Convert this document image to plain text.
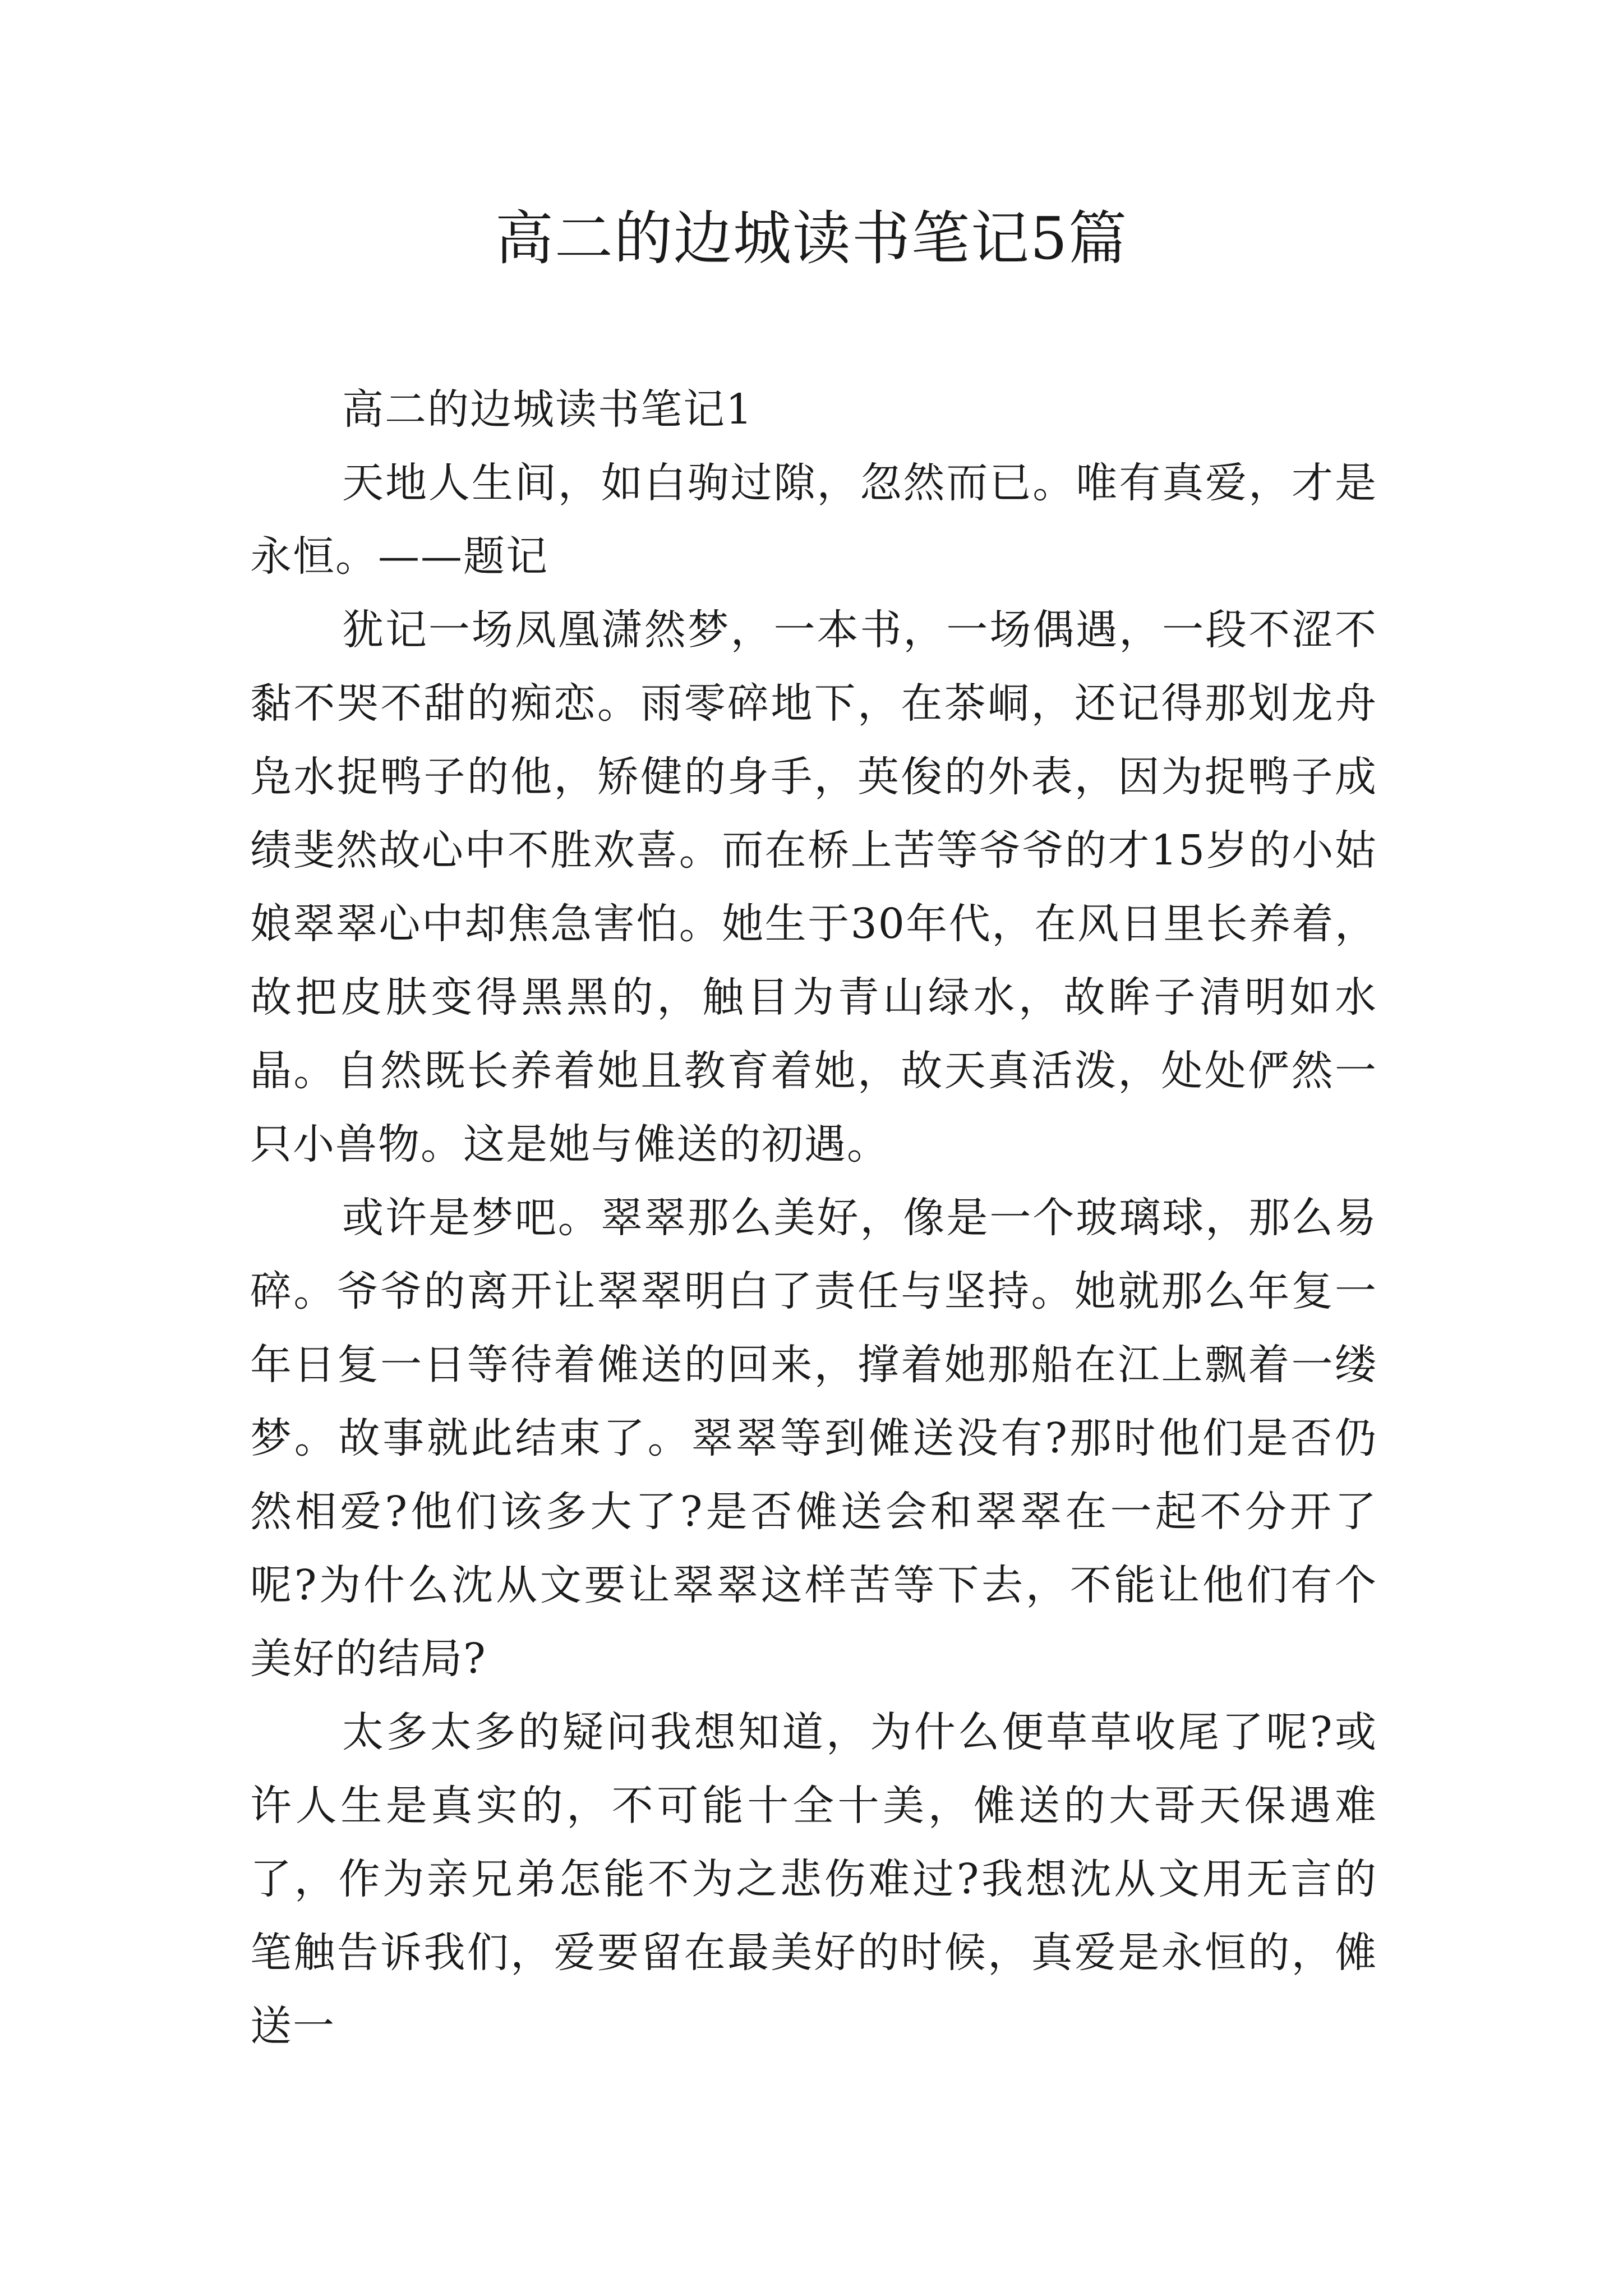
高二的边城读书笔记5篇

高二的边城读书笔记1

天地人生间，如白驹过隙，忽然而已。唯有真爱，才是永恒。——题记

犹记一场凤凰潇然梦，一本书，一场偶遇，一段不涩不黏不哭不甜的痴恋。雨零碎地下，在茶峒，还记得那划龙舟凫水捉鸭子的他，矫健的身手，英俊的外表，因为捉鸭子成绩斐然故心中不胜欢喜。而在桥上苦等爷爷的才15岁的小姑娘翠翠心中却焦急害怕。她生于30年代，在风日里长养着，故把皮肤变得黑黑的，触目为青山绿水，故眸子清明如水晶。自然既长养着她且教育着她，故天真活泼，处处俨然一只小兽物。这是她与傩送的初遇。

或许是梦吧。翠翠那么美好，像是一个玻璃球，那么易碎。爷爷的离开让翠翠明白了责任与坚持。她就那么年复一年日复一日等待着傩送的回来，撑着她那船在江上飘着一缕梦。故事就此结束了。翠翠等到傩送没有?那时他们是否仍然相爱?他们该多大了?是否傩送会和翠翠在一起不分开了呢?为什么沈从文要让翠翠这样苦等下去，不能让他们有个美好的结局?

太多太多的疑问我想知道，为什么便草草收尾了呢?或许人生是真实的，不可能十全十美，傩送的大哥天保遇难了，作为亲兄弟怎能不为之悲伤难过?我想沈从文用无言的笔触告诉我们，爱要留在最美好的时候，真爱是永恒的，傩送一
